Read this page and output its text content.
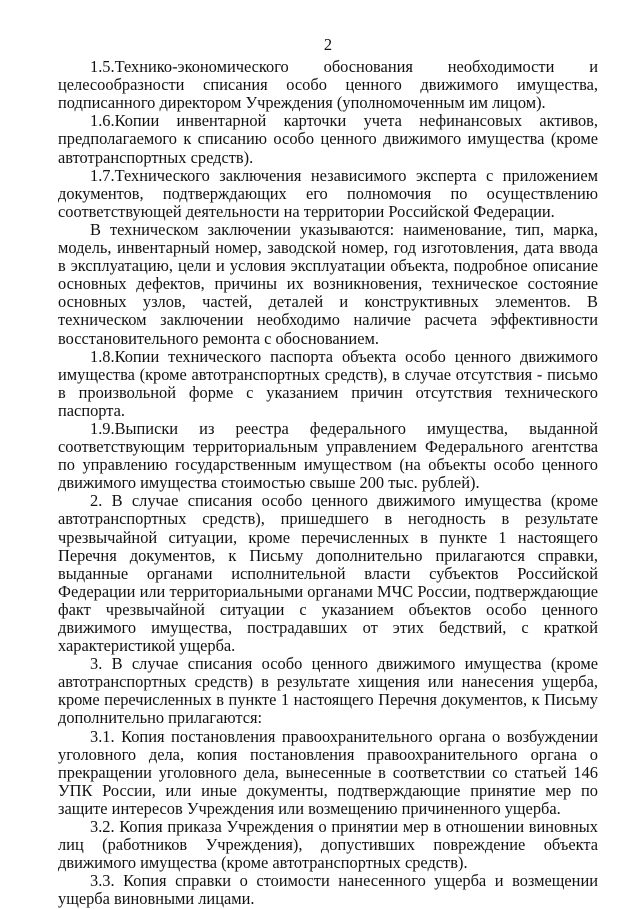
2

1.5.Технико-экономического обоснования необходимости и целесообразности списания особо ценного движимого имущества, подписанного директором Учреждения (уполномоченным им лицом).

1.6.Копии инвентарной карточки учета нефинансовых активов, предполагаемого к списанию особо ценного движимого имущества (кроме автотранспортных средств).

1.7.Технического заключения независимого эксперта с приложением документов, подтверждающих его полномочия по осуществлению соответствующей деятельности на территории Российской Федерации.

В техническом заключении указываются: наименование, тип, марка, модель, инвентарный номер, заводской номер, год изготовления, дата ввода в эксплуатацию, цели и условия эксплуатации объекта, подробное описание основных дефектов, причины их возникновения, техническое состояние основных узлов, частей, деталей и конструктивных элементов. В техническом заключении необходимо наличие расчета эффективности восстановительного ремонта с обоснованием.

1.8.Копии технического паспорта объекта особо ценного движимого имущества (кроме автотранспортных средств), в случае отсутствия - письмо в произвольной форме с указанием причин отсутствия технического паспорта.

1.9.Выписки из реестра федерального имущества, выданной соответствующим территориальным управлением Федерального агентства по управлению государственным имуществом (на объекты особо ценного движимого имущества стоимостью свыше 200 тыс. рублей).

2. В случае списания особо ценного движимого имущества (кроме автотранспортных средств), пришедшего в негодность в результате чрезвычайной ситуации, кроме перечисленных в пункте 1 настоящего Перечня документов, к Письму дополнительно прилагаются справки, выданные органами исполнительной власти субъектов Российской Федерации или территориальными органами МЧС России, подтверждающие факт чрезвычайной ситуации с указанием объектов особо ценного движимого имущества, пострадавших от этих бедствий, с краткой характеристикой ущерба.

3. В случае списания особо ценного движимого имущества (кроме автотранспортных средств) в результате хищения или нанесения ущерба, кроме перечисленных в пункте 1 настоящего Перечня документов, к Письму дополнительно прилагаются:

3.1. Копия постановления правоохранительного органа о возбуждении уголовного дела, копия постановления правоохранительного органа о прекращении уголовного дела, вынесенные в соответствии со статьей 146 УПК России, или иные документы, подтверждающие принятие мер по защите интересов Учреждения или возмещению причиненного ущерба.

3.2. Копия приказа Учреждения о принятии мер в отношении виновных лиц (работников Учреждения), допустивших повреждение объекта движимого имущества (кроме автотранспортных средств).

3.3. Копия справки о стоимости нанесенного ущерба и возмещении ущерба виновными лицами.
